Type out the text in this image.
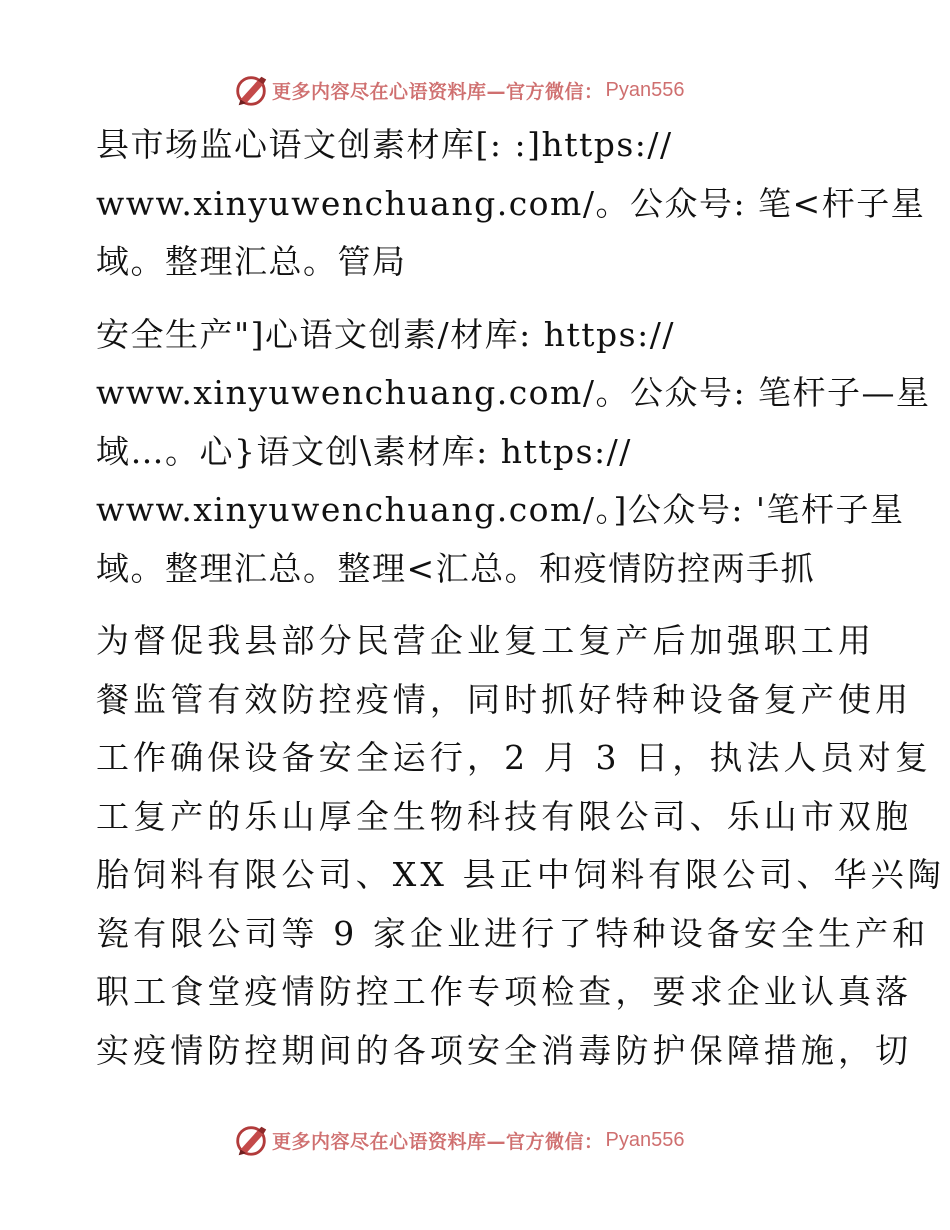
更多内容尽在心语资料库—官方微信： Pyan556
县市场监心语文创素材库[: :]https://
www.xinyuwenchuang.com/。公众号: 笔<杆子星
域。整理汇总。管局
安全生产"]心语文创素/材库: https://
www.xinyuwenchuang.com/。公众号: 笔杆子—星
域…。心}语文创\素材库: https://
www.xinyuwenchuang.com/。]公众号: '笔杆子星
域。整理汇总。整理<汇总。和疫情防控两手抓
为督促我县部分民营企业复工复产后加强职工用
餐监管有效防控疫情，同时抓好特种设备复产使用
工作确保设备安全运行，2 月 3 日，执法人员对复
工复产的乐山厚全生物科技有限公司、乐山市双胞
胎饲料有限公司、XX 县正中饲料有限公司、华兴陶
瓷有限公司等 9 家企业进行了特种设备安全生产和
职工食堂疫情防控工作专项检查，要求企业认真落
实疫情防控期间的各项安全消毒防护保障措施，切
更多内容尽在心语资料库—官方微信： Pyan556
